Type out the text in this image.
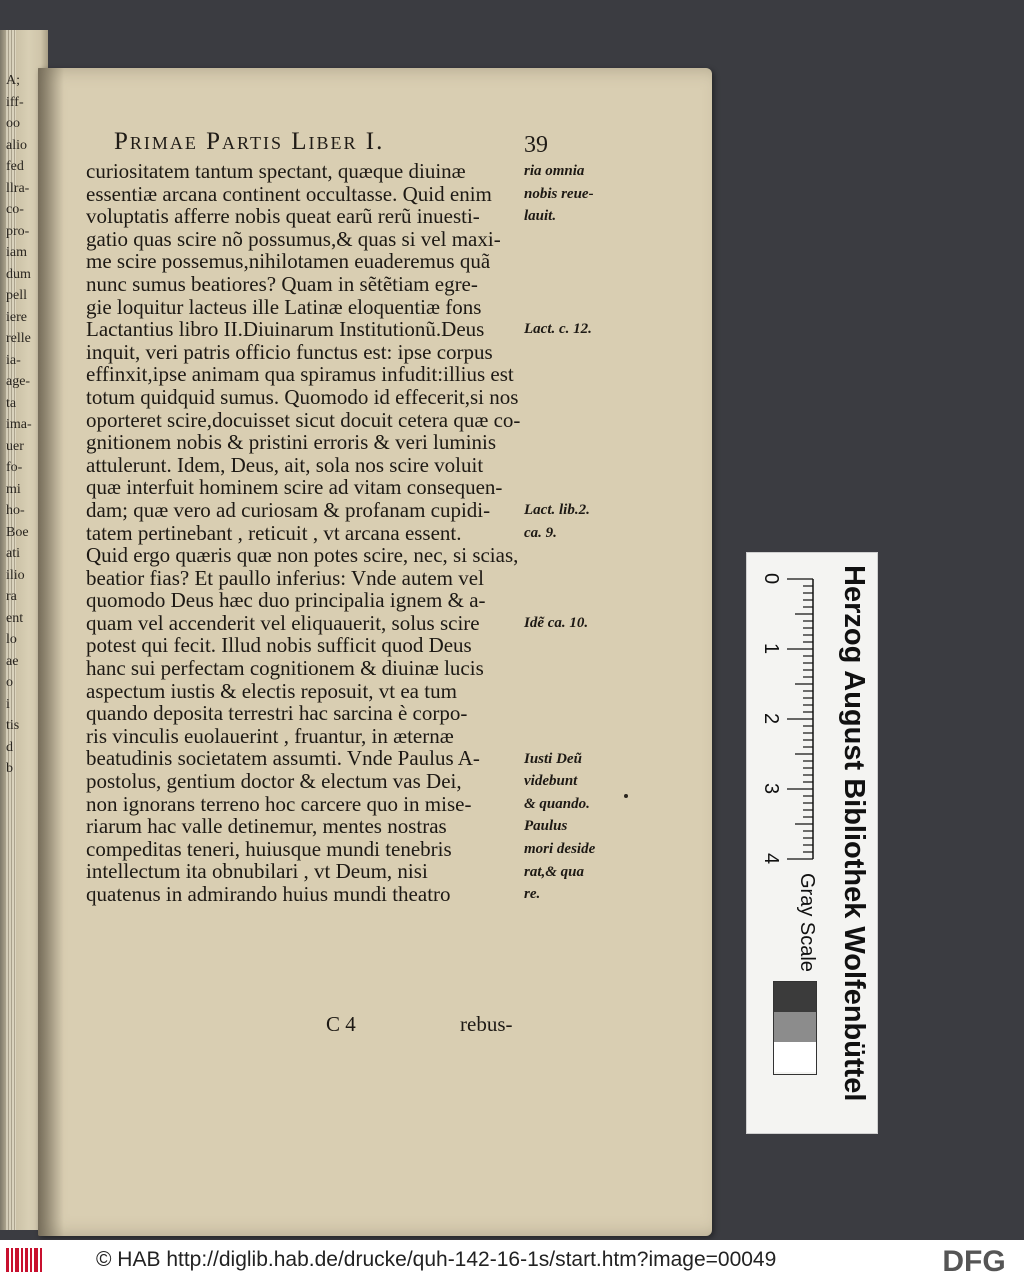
A;
iff-
oo
alio
fed
llra-
co-
pro-
iam
dum
pell
iere
relle
ia-
age-
ta
ima-
uer
fo-
mi
ho-
Boe
ati
ilio
ra
ent
lo
ae
o
i
tis
d
b
Primae Partis Liber I.	39
curiositatem tantum spectant, quæque diuinæ
essentiæ arcana continent occultasse. Quid enim
voluptatis afferre nobis queat earũ rerũ inuesti-
gatio quas scire nõ possumus,& quas si vel maxi-
me scire possemus,nihilotamen euaderemus quã
nunc sumus beatiores? Quam in sẽtẽtiam egre-
gie loquitur lacteus ille Latinæ eloquentiæ fons
Lactantius libro II.Diuinarum Institutionũ.Deus
inquit, veri patris officio functus est: ipse corpus
effinxit,ipse animam qua spiramus infudit:illius est
totum quidquid sumus. Quomodo id effecerit,si nos
oporteret scire,docuisset sicut docuit cetera quæ co-
gnitionem nobis & pristini erroris & veri luminis
attulerunt. Idem, Deus, ait, sola nos scire voluit
quæ interfuit hominem scire ad vitam consequen-
dam; quæ vero ad curiosam & profanam cupidi-
tatem pertinebant , reticuit , vt arcana essent.
Quid ergo quæris quæ non potes scire, nec, si scias,
beatior fias? Et paullo inferius: Vnde autem vel
quomodo Deus hæc duo principalia ignem & a-
quam vel accenderit vel eliquauerit, solus scire
potest qui fecit. Illud nobis sufficit quod Deus
hanc sui perfectam cognitionem & diuinæ lucis
aspectum iustis & electis reposuit, vt ea tum
quando deposita terrestri hac sarcina è corpo-
ris vinculis euolauerint , fruantur, in æternæ
beatudinis societatem assumti. Vnde Paulus A-
postolus, gentium doctor & electum vas Dei,
non ignorans terreno hoc carcere quo in mise-
riarum hac valle detinemur, mentes nostras
compeditas teneri, huiusque mundi tenebris
intellectum ita obnubilari , vt Deum, nisi
quatenus in admirando huius mundi theatro
ria omnia
nobis reue-
lauit.
Lact. c. 12.
Lact. lib.2.
ca. 9.
Idẽ ca. 10.
Iusti Deũ
videbunt
& quando.
Paulus
mori deside
rat,& qua
re.
C 4	rebus-
0
1
2
3
4 Herzog August Bibliothek Wolfenbüttel
Gray Scale
© HAB http://diglib.hab.de/drucke/quh-142-16-1s/start.htm?image=00049	DFG
